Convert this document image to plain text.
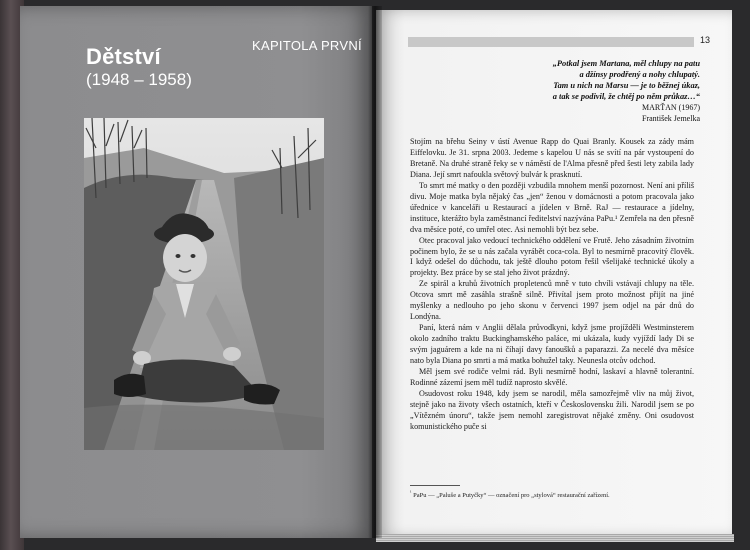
KAPITOLA PRVNÍ
Dětství
(1948 – 1958)
13
„Potkal jsem Martana, měl chlupy na patu
a džínsy prodřený a nohy chlupatý.
Tam u nich na Marsu — je to běžnej úkaz,
a tak se podivil, že chtěj po něm průkaz…“
MARŤAN (1967)
František Jemelka

Stojím na břehu Seiny v ústí Avenue Rapp do Quai Branly. Kousek za zády mám Eiffelovku. Je 31. srpna 2003. Jedeme s kapelou U nás se svítí na pár vystoupení do Bretaně. Na druhé straně řeky se v náměstí de l'Alma přesně před šesti lety zabila lady Diana. Její smrt nafoukla světový bulvár k prasknutí.

To smrt mé matky o den později vzbudila mnohem menší pozornost. Není ani příliš divu. Moje matka byla nějaký čas „jen“ ženou v domácnosti a potom pracovala jako úřednice v kanceláři u Restaurací a jídelen v Brně. RaJ — restaurace a jídelny, instituce, kterážto byla zaměstnancí ředitelství nazývána PaPu.¹ Zemřela na den přesně dva měsíce poté, co umřel otec. Asi nemohli být bez sebe.

Otec pracoval jako vedoucí technického oddělení ve Frutě. Jeho zásadním životním počinem bylo, že se u nás začala vyrábět coca-cola. Byl to nesmírně pracovitý člověk. I když odešel do důchodu, tak ještě dlouho potom řešil všelijaké technické úkoly a projekty. Bez práce by se stal jeho život prázdný.

Ze spirál a kruhů životních propletenců mně v tuto chvíli vstávají chlupy na těle. Otcova smrt mě zasáhla strašně silně. Přivítal jsem proto možnost přijít na jiné myšlenky a nedlouho po jeho skonu v červenci 1997 jsem odjel na pár dnů do Londýna.

Paní, která nám v Anglii dělala průvodkyni, když jsme projížděli Westminsterem okolo zadního traktu Buckinghamského paláce, mi ukázala, kudy vyjíždí lady Di se svým jaguárem a kde na ni číhají davy fanoušků a paparazzi. Za necelé dva měsíce nato byla Diana po smrti a má matka bohužel taky. Neunesla otcův odchod.

Měl jsem své rodiče velmi rád. Byli nesmírně hodní, laskaví a hlavně tolerantní. Rodinné zázemí jsem měl tudíž naprosto skvělé.

Osudovost roku 1948, kdy jsem se narodil, měla samozřejmě vliv na můj život, stejně jako na životy všech ostatních, kteří v Československu žili. Narodil jsem se po „Vítězném únoru“, takže jsem nemohl zaregistrovat nějaké změny. Oni osudovost komunistického puče si

$^{^1}$ PaPu — „Paluše a Putyčky“ — označení pro „stylová“ restaurační zařízení.
